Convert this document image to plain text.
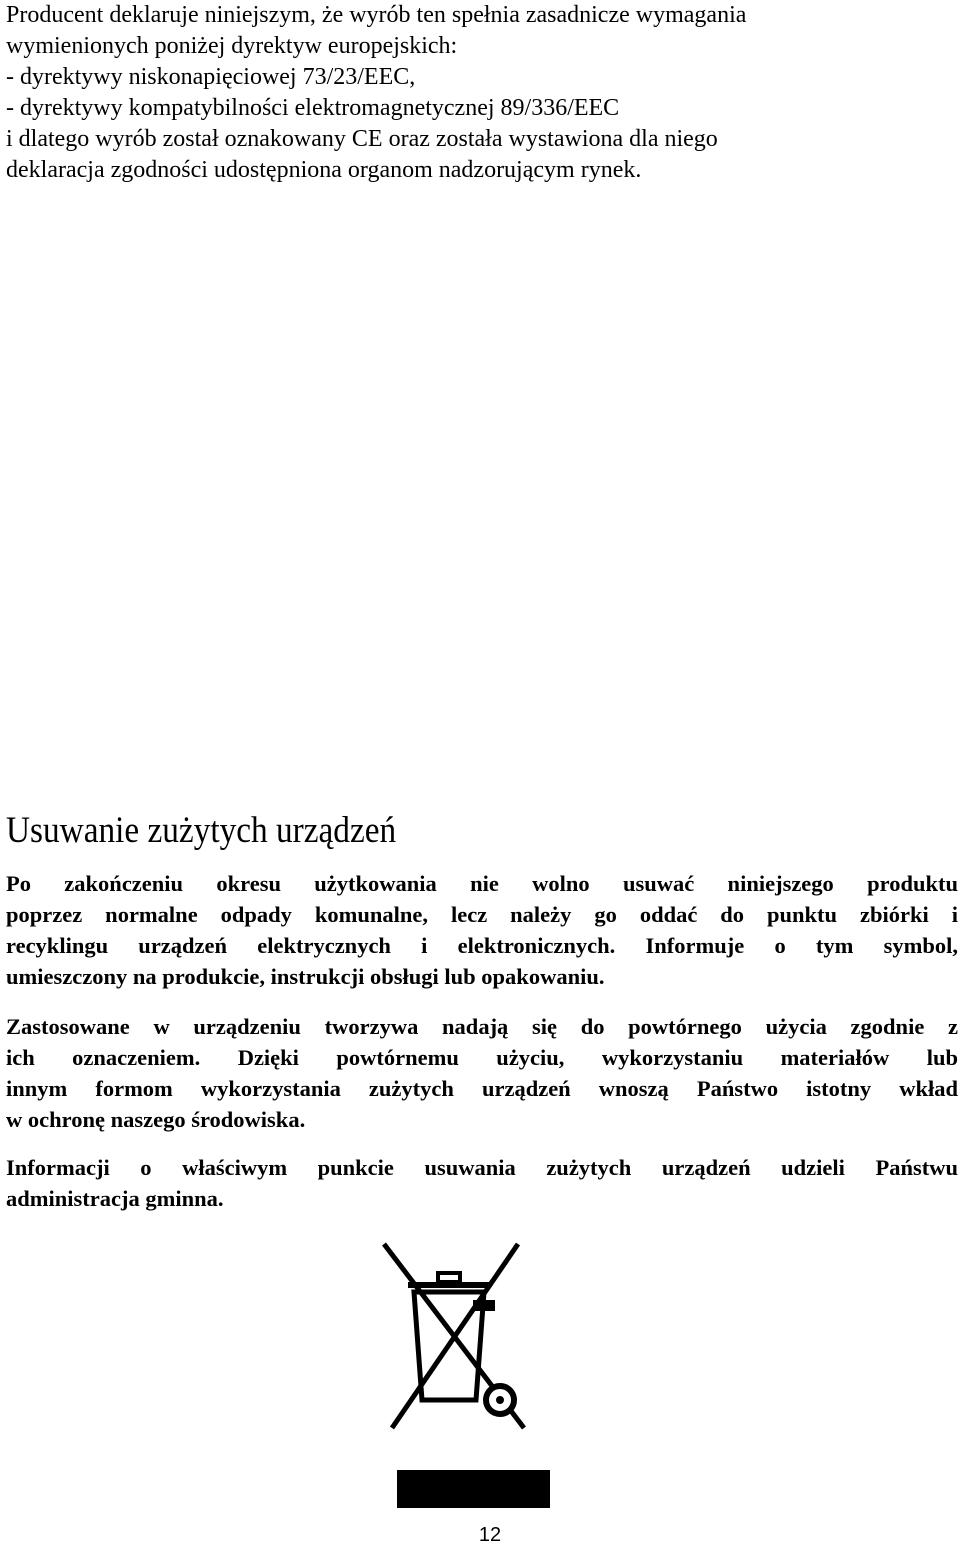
Producent deklaruje niniejszym, że wyrób ten spełnia zasadnicze wymagania
wymienionych poniżej dyrektyw europejskich:
- dyrektywy niskonapięciowej 73/23/EEC,
- dyrektywy kompatybilności elektromagnetycznej 89/336/EEC
i dlatego wyrób został oznakowany CE oraz została wystawiona dla niego
deklaracja zgodności udostępniona organom nadzorującym rynek.
Usuwanie zużytych urządzeń
Po zakończeniu okresu użytkowania nie wolno usuwać niniejszego produktu
poprzez normalne odpady komunalne, lecz należy go oddać do punktu zbiórki i
recyklingu urządzeń elektrycznych i elektronicznych. Informuje o tym symbol,
umieszczony na produkcie, instrukcji obsługi lub opakowaniu.
Zastosowane w urządzeniu tworzywa nadają się do powtórnego użycia zgodnie z
ich oznaczeniem. Dzięki powtórnemu użyciu, wykorzystaniu materiałów lub
innym formom wykorzystania zużytych urządzeń wnoszą Państwo istotny wkład
w ochronę naszego środowiska.
Informacji o właściwym punkcie usuwania zużytych urządzeń udzieli Państwu
administracja gminna.
12
